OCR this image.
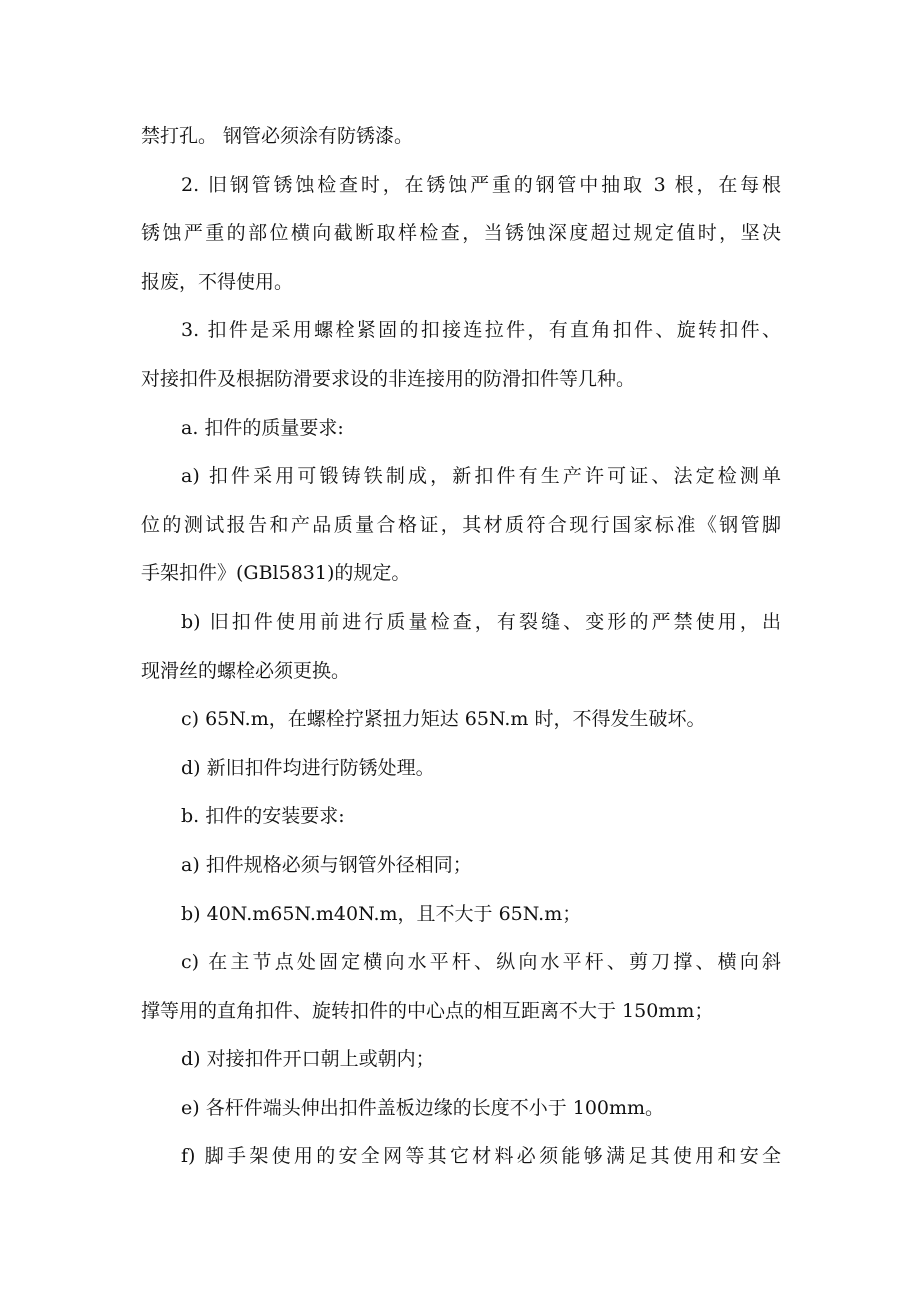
禁打孔。 钢管必须涂有防锈漆。
2. 旧钢管锈蚀检查时，在锈蚀严重的钢管中抽取 3 根，在每根
锈蚀严重的部位横向截断取样检查，当锈蚀深度超过规定值时，坚决
报废，不得使用。
3. 扣件是采用螺栓紧固的扣接连拉件，有直角扣件、旋转扣件、
对接扣件及根据防滑要求设的非连接用的防滑扣件等几种。
a. 扣件的质量要求:
a) 扣件采用可锻铸铁制成，新扣件有生产许可证、法定检测单
位的测试报告和产品质量合格证，其材质符合现行国家标准《钢管脚
手架扣件》(GBl5831)的规定。
b) 旧扣件使用前进行质量检查，有裂缝、变形的严禁使用，出
现滑丝的螺栓必须更换。
c) 65N.m，在螺栓拧紧扭力矩达 65N.m 时，不得发生破坏。
d) 新旧扣件均进行防锈处理。
b. 扣件的安装要求:
a) 扣件规格必须与钢管外径相同；
b) 40N.m65N.m40N.m，且不大于 65N.m；
c) 在主节点处固定横向水平杆、纵向水平杆、剪刀撑、横向斜
撑等用的直角扣件、旋转扣件的中心点的相互距离不大于 150mm；
d) 对接扣件开口朝上或朝内；
e) 各杆件端头伸出扣件盖板边缘的长度不小于 100mm。
f) 脚手架使用的安全网等其它材料必须能够满足其使用和安全
